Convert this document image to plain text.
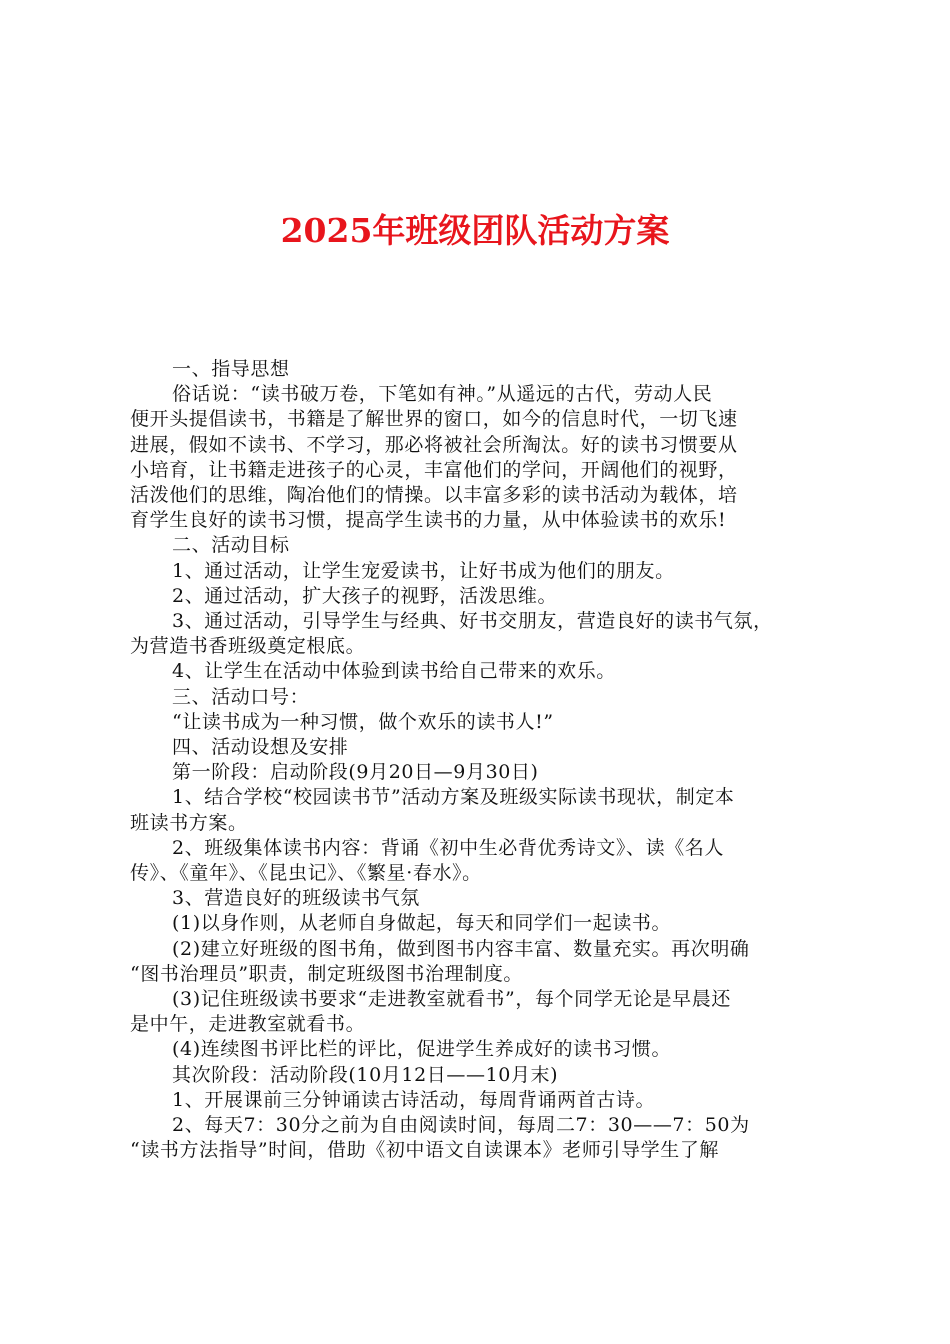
2025年班级团队活动方案

一、指导思想

俗话说：“读书破万卷，下笔如有神。”从遥远的古代，劳动人民

便开头提倡读书，书籍是了解世界的窗口，如今的信息时代，一切飞速

进展，假如不读书、不学习，那必将被社会所淘汰。好的读书习惯要从

小培育，让书籍走进孩子的心灵，丰富他们的学问，开阔他们的视野，

活泼他们的思维，陶冶他们的情操。以丰富多彩的读书活动为载体，培

育学生良好的读书习惯，提高学生读书的力量，从中体验读书的欢乐!

二、活动目标

1、通过活动，让学生宠爱读书，让好书成为他们的朋友。

2、通过活动，扩大孩子的视野，活泼思维。

3、通过活动，引导学生与经典、好书交朋友，营造良好的读书气氛，

为营造书香班级奠定根底。

4、让学生在活动中体验到读书给自己带来的欢乐。

三、活动口号：

“让读书成为一种习惯，做个欢乐的读书人!”

四、活动设想及安排

第一阶段：启动阶段(9月20日—9月30日)

1、结合学校“校园读书节”活动方案及班级实际读书现状，制定本

班读书方案。

2、班级集体读书内容：背诵《初中生必背优秀诗文》、读《名人

传》、《童年》、《昆虫记》、《繁星·春水》。

3、营造良好的班级读书气氛

(1)以身作则，从老师自身做起，每天和同学们一起读书。

(2)建立好班级的图书角，做到图书内容丰富、数量充实。再次明确

“图书治理员”职责，制定班级图书治理制度。

(3)记住班级读书要求“走进教室就看书”，每个同学无论是早晨还

是中午，走进教室就看书。

(4)连续图书评比栏的评比，促进学生养成好的读书习惯。

其次阶段：活动阶段(10月12日——10月末)

1、开展课前三分钟诵读古诗活动，每周背诵两首古诗。

2、每天7：30分之前为自由阅读时间，每周二7：30——7：50为

“读书方法指导”时间，借助《初中语文自读课本》老师引导学生了解
